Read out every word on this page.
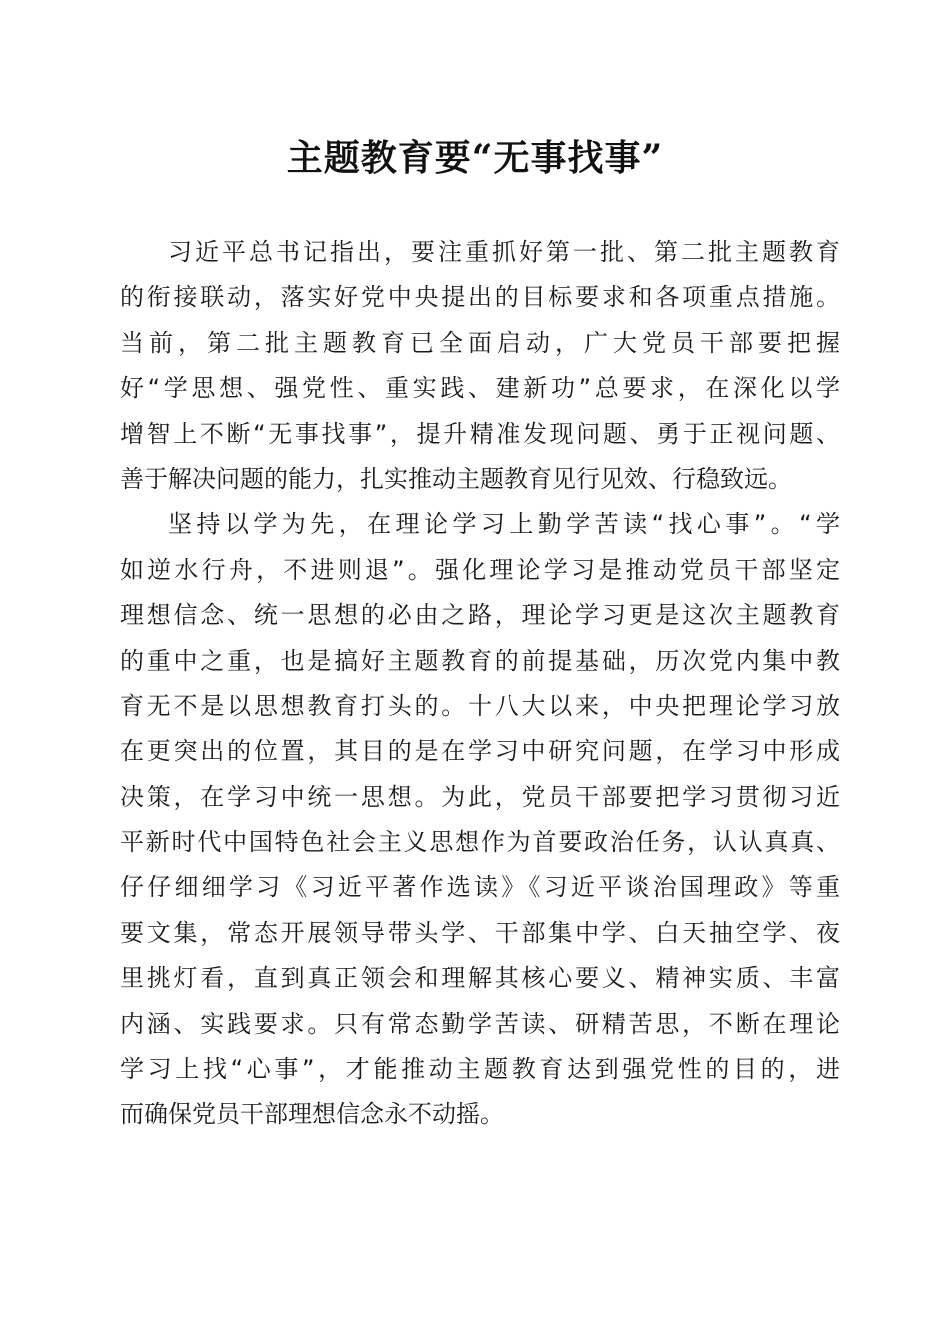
主题教育要“无事找事”
习近平总书记指出，要注重抓好第一批、第二批主题教育
的衔接联动，落实好党中央提出的目标要求和各项重点措施。
当前，第二批主题教育已全面启动，广大党员干部要把握
好“学思想、强党性、重实践、建新功”总要求，在深化以学
增智上不断“无事找事”，提升精准发现问题、勇于正视问题、
善于解决问题的能力，扎实推动主题教育见行见效、行稳致远。
坚持以学为先，在理论学习上勤学苦读“找心事”。“学
如逆水行舟，不进则退”。强化理论学习是推动党员干部坚定
理想信念、统一思想的必由之路，理论学习更是这次主题教育
的重中之重，也是搞好主题教育的前提基础，历次党内集中教
育无不是以思想教育打头的。十八大以来，中央把理论学习放
在更突出的位置，其目的是在学习中研究问题，在学习中形成
决策，在学习中统一思想。为此，党员干部要把学习贯彻习近
平新时代中国特色社会主义思想作为首要政治任务，认认真真、
仔仔细细学习《习近平著作选读》《习近平谈治国理政》等重
要文集，常态开展领导带头学、干部集中学、白天抽空学、夜
里挑灯看，直到真正领会和理解其核心要义、精神实质、丰富
内涵、实践要求。只有常态勤学苦读、研精苦思，不断在理论
学习上找“心事”，才能推动主题教育达到强党性的目的，进
而确保党员干部理想信念永不动摇。
